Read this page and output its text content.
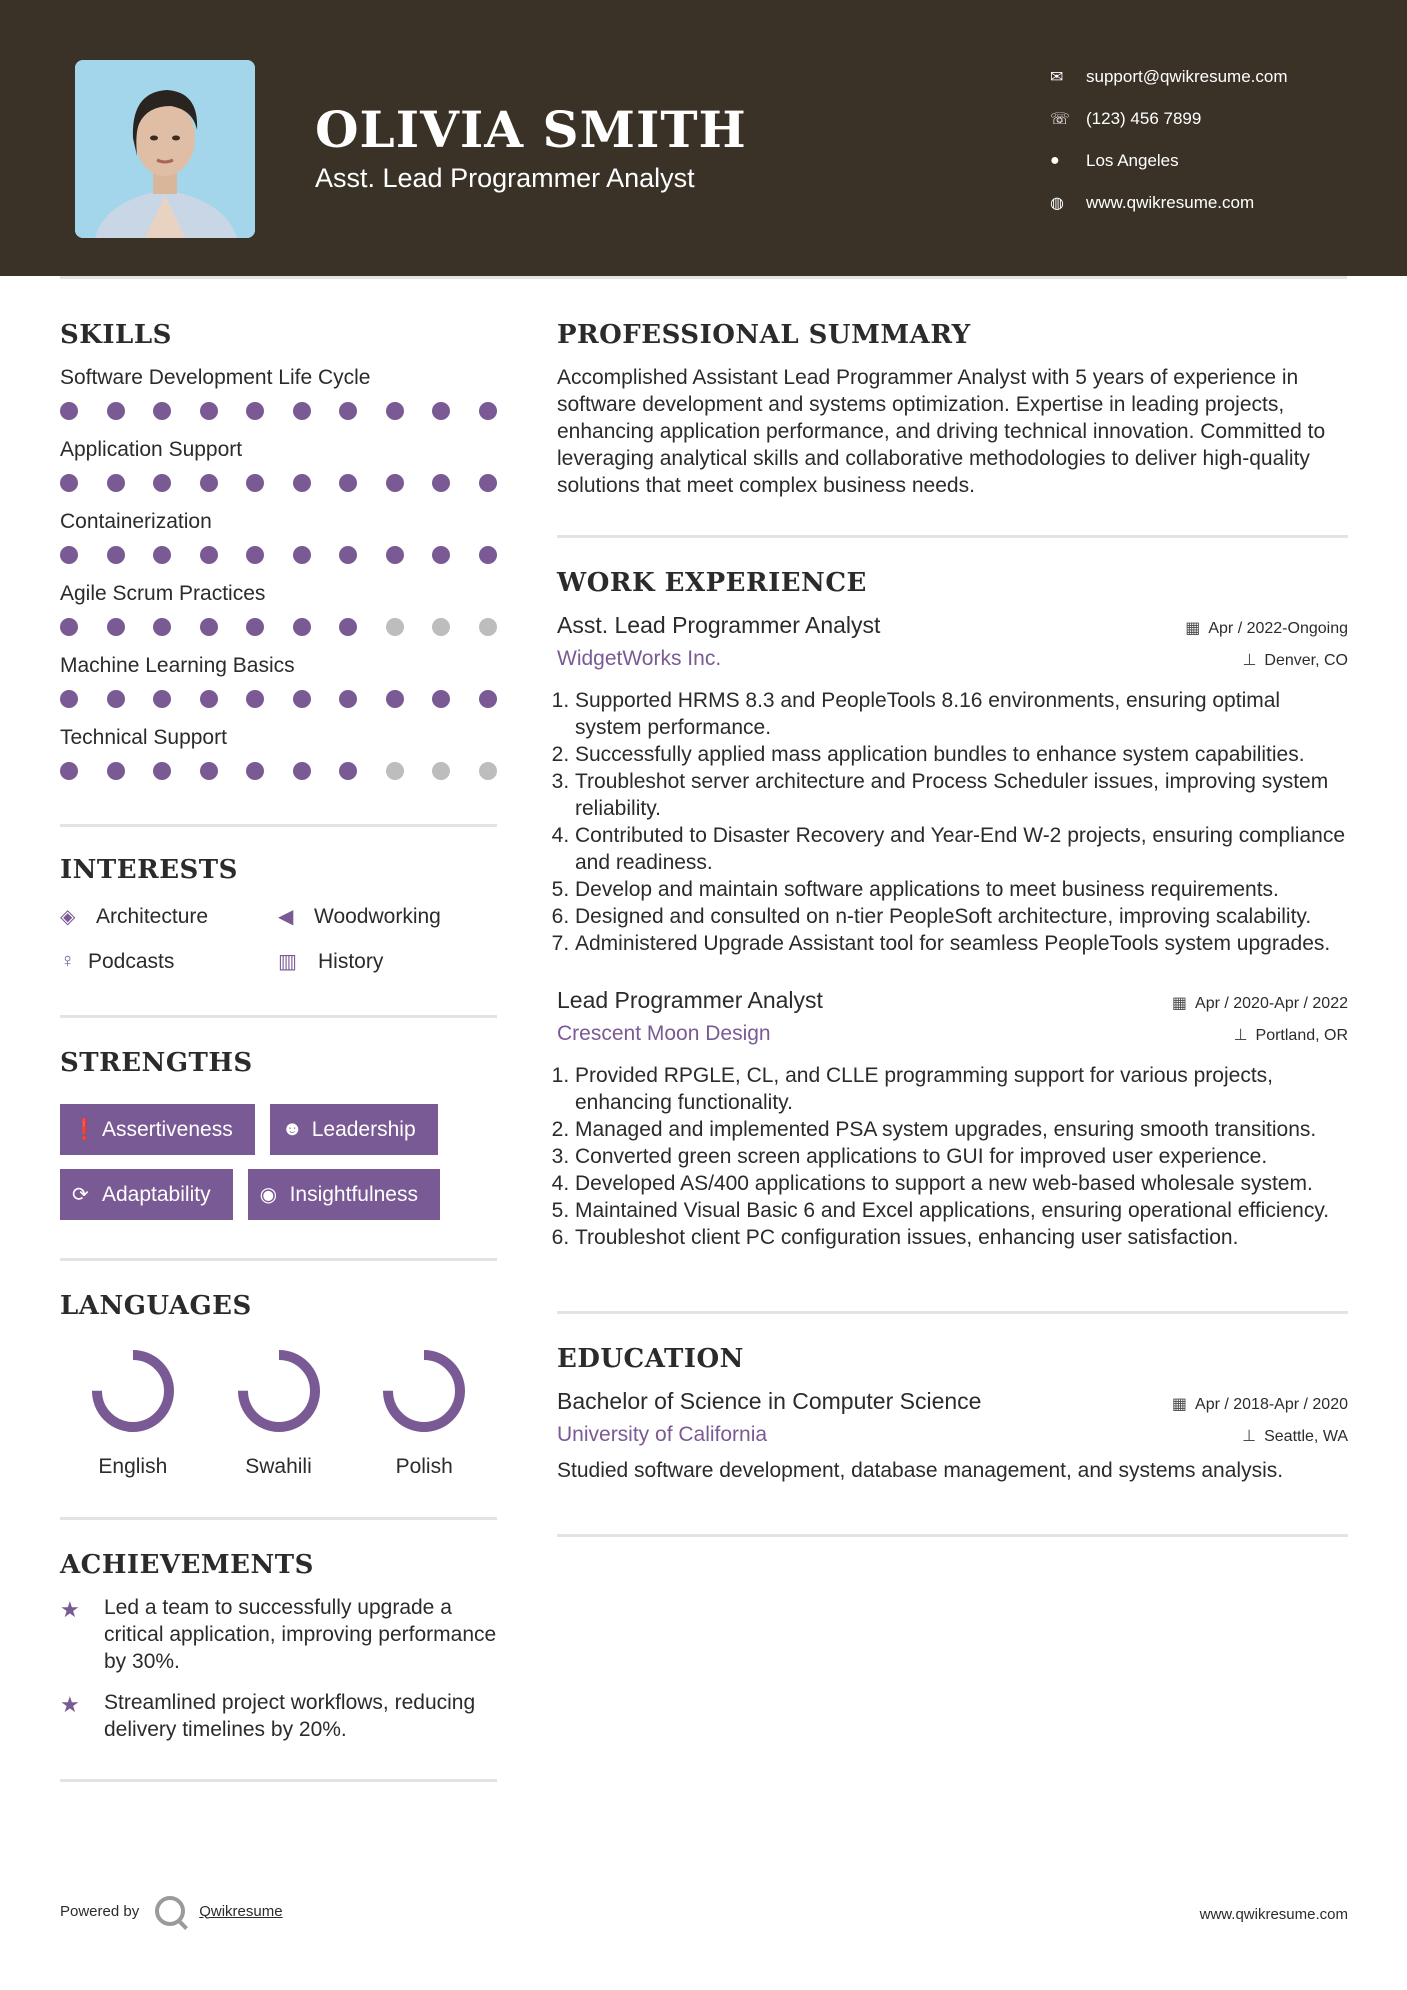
OLIVIA SMITH
Asst. Lead Programmer Analyst
✉	support@qwikresume.com
☏ (123) 456 7899
●	Los Angeles
◍	www.qwikresume.com
SKILLS
Software Development Life Cycle
Application Support
Containerization
Agile Scrum Practices
Machine Learning Basics
Technical Support
INTERESTS
◈ Architecture	◀ Woodworking
♀ Podcasts	▥	History
STRENGTHS
❗ Assertiveness ☻ Leadership
⟳ Adaptability ◉ Insightfulness
LANGUAGES
English	Swahili	Polish
ACHIEVEMENTS
★	Led a team to successfully upgrade a critical application, improving performance by 30%.
★	Streamlined project workflows, reducing delivery timelines by 20%.
PROFESSIONAL SUMMARY
Accomplished Assistant Lead Programmer Analyst with 5 years of experience in software development and systems optimization. Expertise in leading projects, enhancing application performance, and driving technical innovation. Committed to leveraging analytical skills and collaborative methodologies to deliver high-quality solutions that meet complex business needs.
WORK EXPERIENCE
Asst. Lead Programmer Analyst	▦ Apr / 2022-Ongoing
WidgetWorks Inc.	⊥ Denver, CO
1. Supported HRMS 8.3 and PeopleTools 8.16 environments, ensuring optimal system performance.
2. Successfully applied mass application bundles to enhance system capabilities.
3. Troubleshot server architecture and Process Scheduler issues, improving system reliability.
4. Contributed to Disaster Recovery and Year-End W-2 projects, ensuring compliance and readiness.
5. Develop and maintain software applications to meet business requirements.
6. Designed and consulted on n-tier PeopleSoft architecture, improving scalability.
7. Administered Upgrade Assistant tool for seamless PeopleTools system upgrades.
Lead Programmer Analyst	▦ Apr / 2020-Apr / 2022
Crescent Moon Design	⊥ Portland, OR
1. Provided RPGLE, CL, and CLLE programming support for various projects, enhancing functionality.
2. Managed and implemented PSA system upgrades, ensuring smooth transitions.
3. Converted green screen applications to GUI for improved user experience.
4. Developed AS/400 applications to support a new web-based wholesale system.
5. Maintained Visual Basic 6 and Excel applications, ensuring operational efficiency.
6. Troubleshot client PC configuration issues, enhancing user satisfaction.
EDUCATION
Bachelor of Science in Computer Science	▦ Apr / 2018-Apr / 2020
University of California	⊥ Seattle, WA
Studied software development, database management, and systems analysis.
Powered by	Qwikresume	www.qwikresume.com
